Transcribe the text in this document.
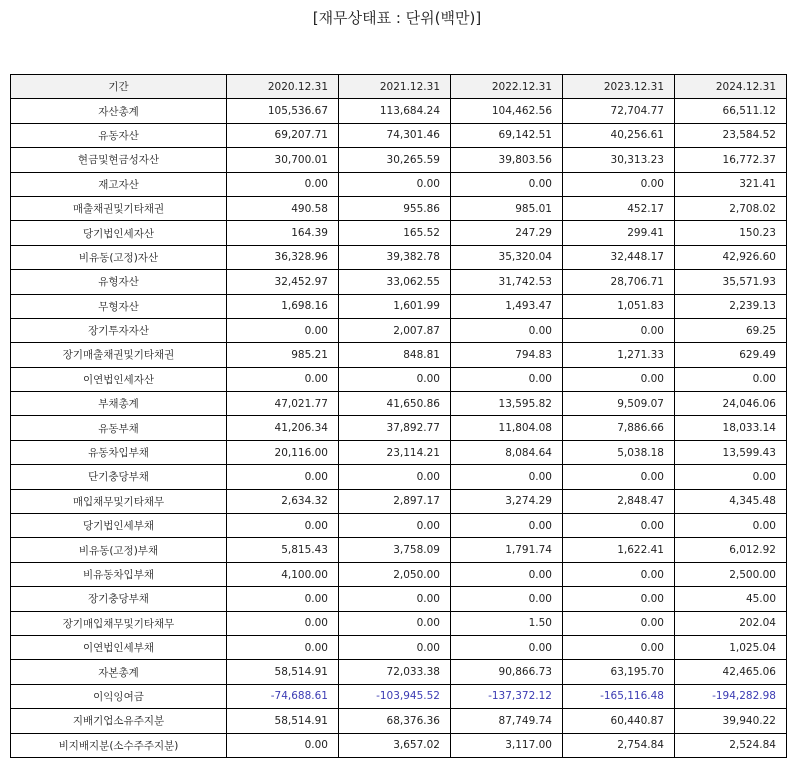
[재무상태표 : 단위(백만)]
기간	2020.12.31	2021.12.31	2022.12.31	2023.12.31	2024.12.31
자산총계	105,536.67	113,684.24	104,462.56	72,704.77	66,511.12
유동자산	69,207.71	74,301.46	69,142.51	40,256.61	23,584.52
현금및현금성자산	30,700.01	30,265.59	39,803.56	30,313.23	16,772.37
재고자산	0.00	0.00	0.00	0.00	321.41
매출채권및기타채권	490.58	955.86	985.01	452.17	2,708.02
당기법인세자산	164.39	165.52	247.29	299.41	150.23
비유동(고정)자산	36,328.96	39,382.78	35,320.04	32,448.17	42,926.60
유형자산	32,452.97	33,062.55	31,742.53	28,706.71	35,571.93
무형자산	1,698.16	1,601.99	1,493.47	1,051.83	2,239.13
장기투자자산	0.00	2,007.87	0.00	0.00	69.25
장기매출채권및기타채권	985.21	848.81	794.83	1,271.33	629.49
이연법인세자산	0.00	0.00	0.00	0.00	0.00
부채총계	47,021.77	41,650.86	13,595.82	9,509.07	24,046.06
유동부채	41,206.34	37,892.77	11,804.08	7,886.66	18,033.14
유동차입부채	20,116.00	23,114.21	8,084.64	5,038.18	13,599.43
단기충당부채	0.00	0.00	0.00	0.00	0.00
매입채무및기타채무	2,634.32	2,897.17	3,274.29	2,848.47	4,345.48
당기법인세부채	0.00	0.00	0.00	0.00	0.00
비유동(고정)부채	5,815.43	3,758.09	1,791.74	1,622.41	6,012.92
비유동차입부채	4,100.00	2,050.00	0.00	0.00	2,500.00
장기충당부채	0.00	0.00	0.00	0.00	45.00
장기매입채무및기타채무	0.00	0.00	1.50	0.00	202.04
이연법인세부채	0.00	0.00	0.00	0.00	1,025.04
자본총계	58,514.91	72,033.38	90,866.73	63,195.70	42,465.06
이익잉여금	-74,688.61	-103,945.52	-137,372.12	-165,116.48	-194,282.98
지배기업소유주지분	58,514.91	68,376.36	87,749.74	60,440.87	39,940.22
비지배지분(소수주주지분)	0.00	3,657.02	3,117.00	2,754.84	2,524.84
